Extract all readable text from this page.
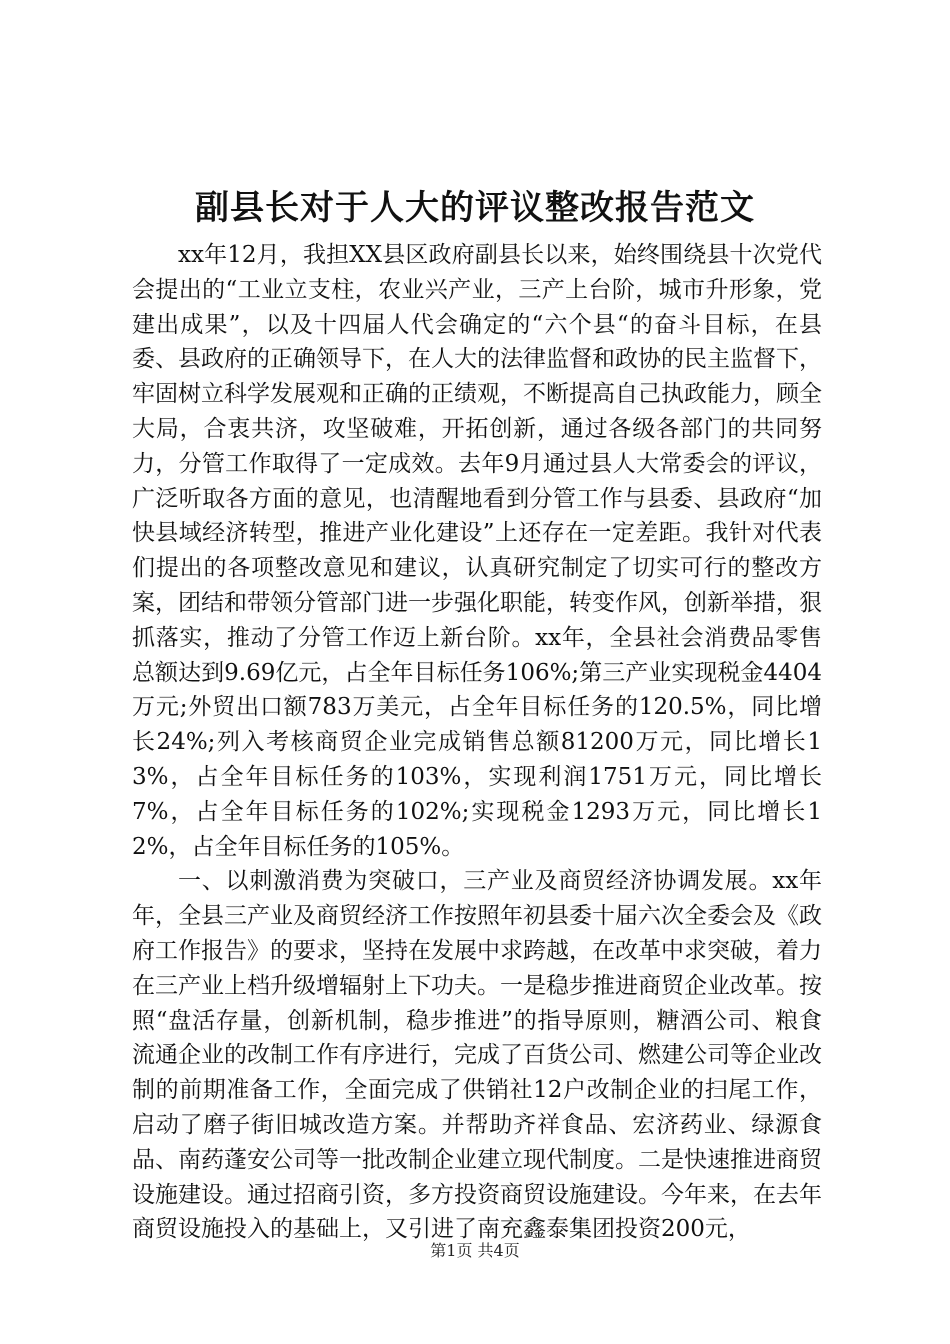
副县长对于人大的评议整改报告范文

xx年12月，我担XX县区政府副县长以来，始终围绕县十次党代会提出的“工业立支柱，农业兴产业，三产上台阶，城市升形象，党建出成果”，以及十四届人代会确定的“六个县“的奋斗目标，在县委、县政府的正确领导下，在人大的法律监督和政协的民主监督下，牢固树立科学发展观和正确的正绩观，不断提高自己执政能力，顾全大局，合衷共济，攻坚破难，开拓创新，通过各级各部门的共同努力，分管工作取得了一定成效。去年9月通过县人大常委会的评议，广泛听取各方面的意见，也清醒地看到分管工作与县委、县政府“加快县域经济转型，推进产业化建设”上还存在一定差距。我针对代表们提出的各项整改意见和建议，认真研究制定了切实可行的整改方案，团结和带领分管部门进一步强化职能，转变作风，创新举措，狠抓落实，推动了分管工作迈上新台阶。xx年，全县社会消费品零售总额达到9.69亿元，占全年目标任务106%;第三产业实现税金4404万元;外贸出口额783万美元，占全年目标任务的120.5%，同比增长24%;列入考核商贸企业完成销售总额81200万元，同比增长13%，占全年目标任务的103%，实现利润1751万元，同比增长7%，占全年目标任务的102%;实现税金1293万元，同比增长12%，占全年目标任务的105%。

一、以刺激消费为突破口，三产业及商贸经济协调发展。xx年年，全县三产业及商贸经济工作按照年初县委十届六次全委会及《政府工作报告》的要求，坚持在发展中求跨越，在改革中求突破，着力在三产业上档升级增辐射上下功夫。一是稳步推进商贸企业改革。按照“盘活存量，创新机制，稳步推进”的指导原则，糖酒公司、粮食流通企业的改制工作有序进行，完成了百货公司、燃建公司等企业改制的前期准备工作，全面完成了供销社12户改制企业的扫尾工作，启动了磨子街旧城改造方案。并帮助齐祥食品、宏济药业、绿源食品、南药蓬安公司等一批改制企业建立现代制度。二是快速推进商贸设施建设。通过招商引资，多方投资商贸设施建设。今年来，在去年商贸设施投入的基础上，又引进了南充鑫泰集团投资200元，

第1页 共4页
